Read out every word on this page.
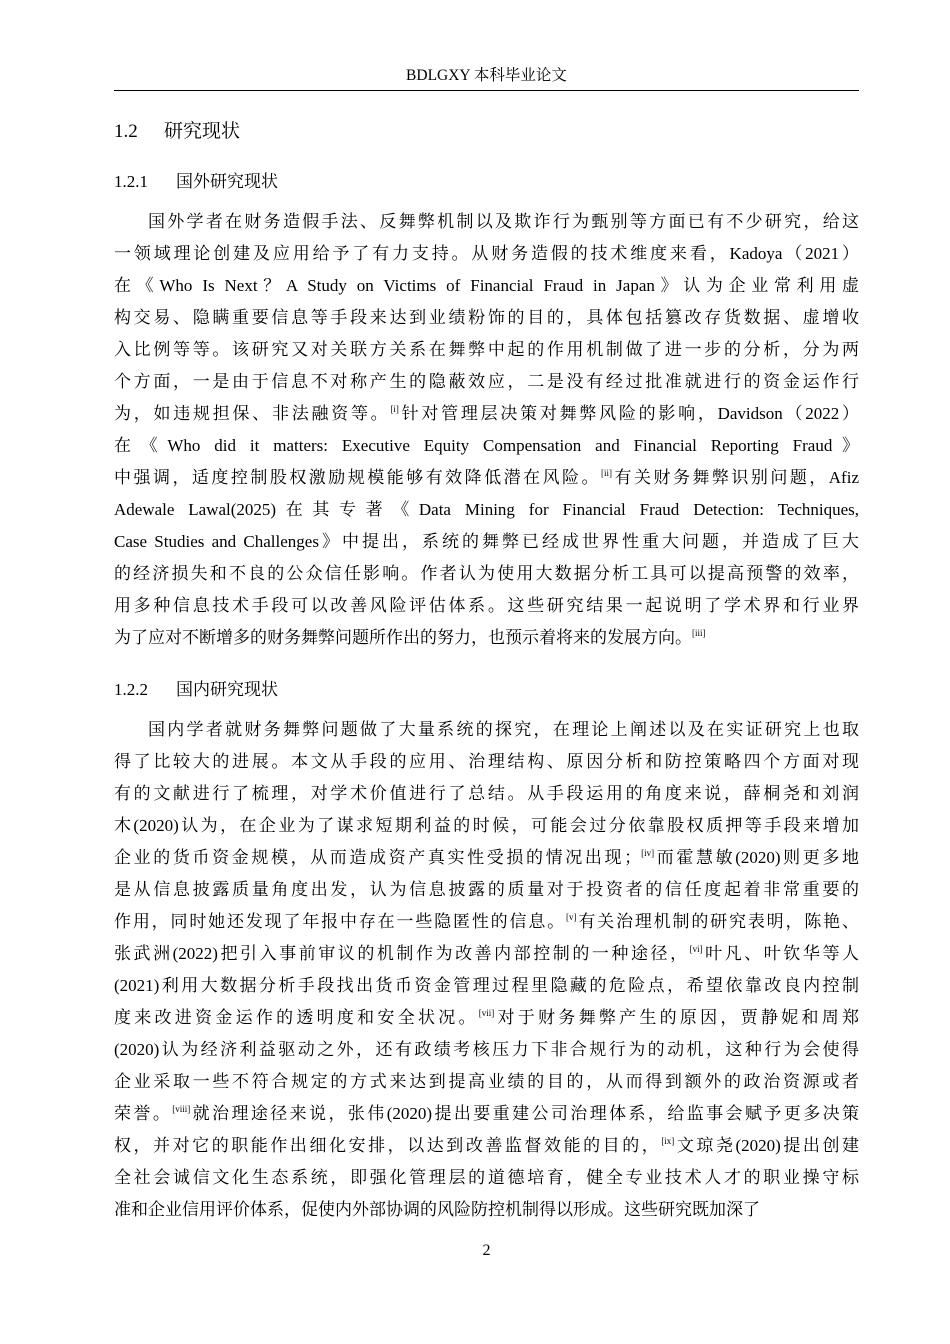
BDLGXY 本科毕业论文
1.2 研究现状
1.2.1 国外研究现状
国外学者在财务造假手法、反舞弊机制以及欺诈行为甄别等方面已有不少研究，给这
一领域理论创建及应用给予了有力支持。从财务造假的技术维度来看，Kadoya（2021）
在《Who Is Next？A Study on Victims of Financial Fraud in Japan》认为企业常利用虚
构交易、隐瞒重要信息等手段来达到业绩粉饰的目的，具体包括篡改存货数据、虚增收
入比例等等。该研究又对关联方关系在舞弊中起的作用机制做了进一步的分析，分为两
个方面，一是由于信息不对称产生的隐蔽效应，二是没有经过批准就进行的资金运作行
为，如违规担保、非法融资等。[i]针对管理层决策对舞弊风险的影响，Davidson（2022）
在《Who did it matters: Executive Equity Compensation and Financial Reporting Fraud》
中强调，适度控制股权激励规模能够有效降低潜在风险。[ii]有关财务舞弊识别问题，Afiz
Adewale Lawal(2025)在其专著《Data Mining for Financial Fraud Detection: Techniques,
Case Studies and Challenges》中提出，系统的舞弊已经成世界性重大问题，并造成了巨大
的经济损失和不良的公众信任影响。作者认为使用大数据分析工具可以提高预警的效率，
用多种信息技术手段可以改善风险评估体系。这些研究结果一起说明了学术界和行业界
为了应对不断增多的财务舞弊问题所作出的努力，也预示着将来的发展方向。[iii]
1.2.2 国内研究现状
国内学者就财务舞弊问题做了大量系统的探究，在理论上阐述以及在实证研究上也取
得了比较大的进展。本文从手段的应用、治理结构、原因分析和防控策略四个方面对现
有的文献进行了梳理，对学术价值进行了总结。从手段运用的角度来说，薛桐尧和刘润
木(2020)认为，在企业为了谋求短期利益的时候，可能会过分依靠股权质押等手段来增加
企业的货币资金规模，从而造成资产真实性受损的情况出现；[iv]而霍慧敏(2020)则更多地
是从信息披露质量角度出发，认为信息披露的质量对于投资者的信任度起着非常重要的
作用，同时她还发现了年报中存在一些隐匿性的信息。[v]有关治理机制的研究表明，陈艳、
张武洲(2022)把引入事前审议的机制作为改善内部控制的一种途径，[vi]叶凡、叶钦华等人
(2021)利用大数据分析手段找出货币资金管理过程里隐藏的危险点，希望依靠改良内控制
度来改进资金运作的透明度和安全状况。[vii]对于财务舞弊产生的原因，贾静妮和周郑
(2020)认为经济利益驱动之外，还有政绩考核压力下非合规行为的动机，这种行为会使得
企业采取一些不符合规定的方式来达到提高业绩的目的，从而得到额外的政治资源或者
荣誉。[viii]就治理途径来说，张伟(2020)提出要重建公司治理体系，给监事会赋予更多决策
权，并对它的职能作出细化安排，以达到改善监督效能的目的，[ix]文琼尧(2020)提出创建
全社会诚信文化生态系统，即强化管理层的道德培育，健全专业技术人才的职业操守标
准和企业信用评价体系，促使内外部协调的风险防控机制得以形成。这些研究既加深了
2
